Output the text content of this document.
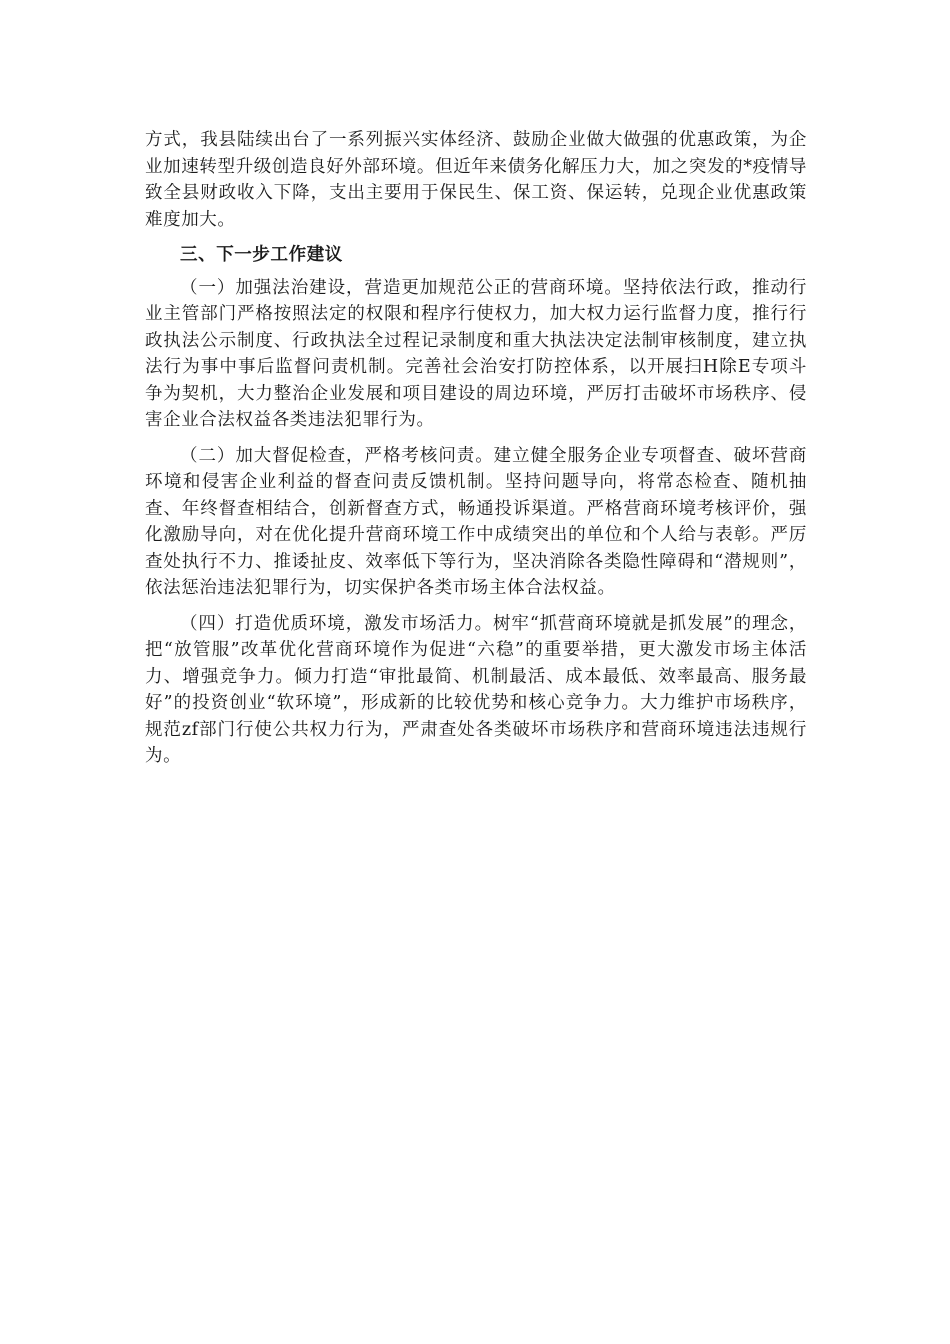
方式，我县陆续出台了一系列振兴实体经济、鼓励企业做大做强的优惠政策，为企业加速转型升级创造良好外部环境。但近年来债务化解压力大，加之突发的*疫情导致全县财政收入下降，支出主要用于保民生、保工资、保运转，兑现企业优惠政策难度加大。

三、下一步工作建议

（一）加强法治建设，营造更加规范公正的营商环境。坚持依法行政，推动行业主管部门严格按照法定的权限和程序行使权力，加大权力运行监督力度，推行行政执法公示制度、行政执法全过程记录制度和重大执法决定法制审核制度，建立执法行为事中事后监督问责机制。完善社会治安打防控体系，以开展扫H除E专项斗争为契机，大力整治企业发展和项目建设的周边环境，严厉打击破坏市场秩序、侵害企业合法权益各类违法犯罪行为。

（二）加大督促检查，严格考核问责。建立健全服务企业专项督查、破坏营商环境和侵害企业利益的督查问责反馈机制。坚持问题导向，将常态检查、随机抽查、年终督查相结合，创新督查方式，畅通投诉渠道。严格营商环境考核评价，强化激励导向，对在优化提升营商环境工作中成绩突出的单位和个人给与表彰。严厉查处执行不力、推诿扯皮、效率低下等行为，坚决消除各类隐性障碍和“潜规则”，依法惩治违法犯罪行为，切实保护各类市场主体合法权益。

（四）打造优质环境，激发市场活力。树牢“抓营商环境就是抓发展”的理念，把“放管服”改革优化营商环境作为促进“六稳”的重要举措，更大激发市场主体活力、增强竞争力。倾力打造“审批最简、机制最活、成本最低、效率最高、服务最好”的投资创业“软环境”，形成新的比较优势和核心竞争力。大力维护市场秩序，规范zf部门行使公共权力行为，严肃查处各类破坏市场秩序和营商环境违法违规行为。
